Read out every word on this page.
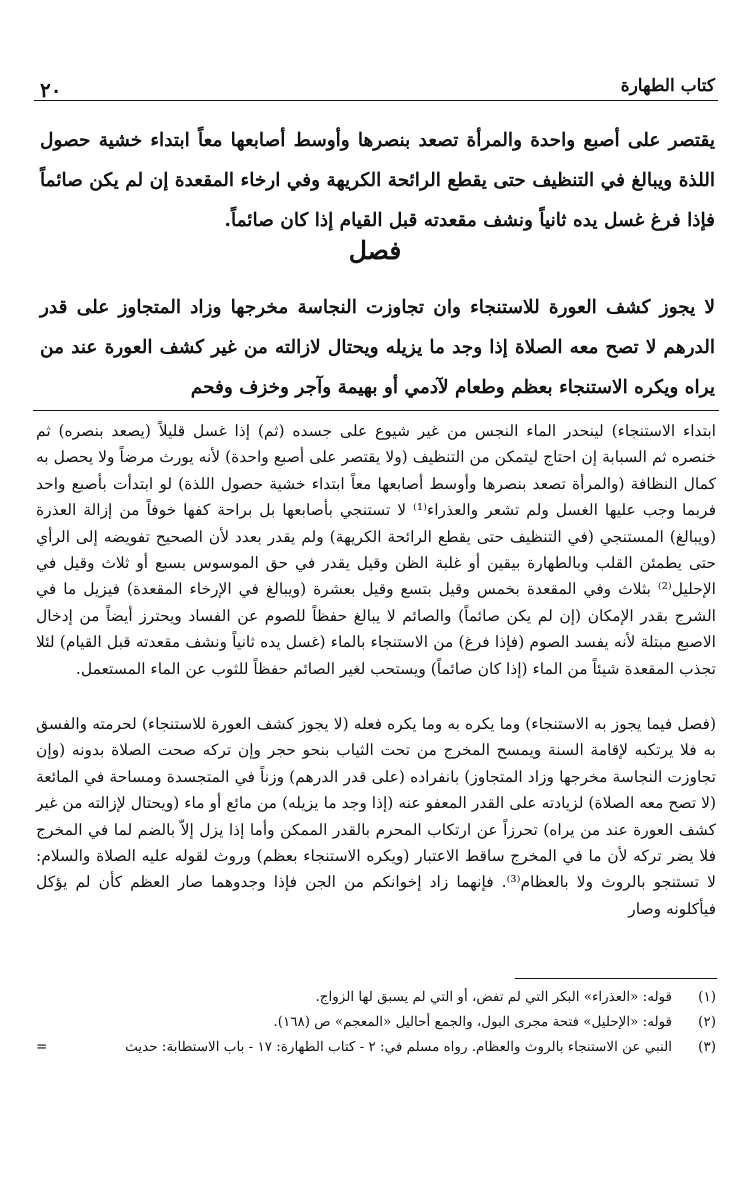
كتاب الطهارة
٢٠
يقتصر على أصبع واحدة والمرأة تصعد بنصرها وأوسط أصابعها معاً ابتداء خشية حصول اللذة ويبالغ في التنظيف حتى يقطع الرائحة الكريهة وفي ارخاء المقعدة إن لم يكن صائماً فإذا فرغ غسل يده ثانياً ونشف مقعدته قبل القيام إذا كان صائماً.
فصل
لا يجوز كشف العورة للاستنجاء وان تجاوزت النجاسة مخرجها وزاد المتجاوز على قدر الدرهم لا تصح معه الصلاة إذا وجد ما يزيله ويحتال لازالته من غير كشف العورة عند من يراه ويكره الاستنجاء بعظم وطعام لآدمي أو بهيمة وآجر وخزف وفحم
ابتداء الاستنجاء) لينحدر الماء النجس من غير شيوع على جسده (ثم) إذا غسل قليلاً (يصعد بنصره) ثم خنصره ثم السبابة إن احتاج ليتمكن من التنظيف (ولا يقتصر على أصبع واحدة) لأنه يورث مرضاً ولا يحصل به كمال النظافة (والمرأة تصعد بنصرها وأوسط أصابعها معاً ابتداء خشية حصول اللذة) لو ابتدأت بأصبع واحد فربما وجب عليها الغسل ولم تشعر والعذراء⁽¹⁾ لا تستنجي بأصابعها بل براحة كفها خوفاً من إزالة العذرة (ويبالغ) المستنجي (في التنظيف حتى يقطع الرائحة الكريهة) ولم يقدر بعدد لأن الصحيح تفويضه إلى الرأي حتى يطمئن القلب وبالطهارة بيقين أو غلبة الظن وقيل يقدر في حق الموسوس بسبع أو ثلاث وقيل في الإحليل⁽²⁾ بثلاث وفي المقعدة بخمس وقيل بتسع وقيل بعشرة (ويبالغ في الإرخاء المقعدة) فيزيل ما في الشرج بقدر الإمكان (إن لم يكن صائماً) والصائم لا يبالغ حفظاً للصوم عن الفساد ويحترز أيضاً من إدخال الاصبع مبتلة لأنه يفسد الصوم (فإذا فرغ) من الاستنجاء بالماء (غسل يده ثانياً ونشف مقعدته قبل القيام) لئلا تجذب المقعدة شيئاً من الماء (إذا كان صائماً) ويستحب لغير الصائم حفظاً للثوب عن الماء المستعمل.
(فصل فيما يجوز به الاستنجاء) وما يكره به وما يكره فعله (لا يجوز كشف العورة للاستنجاء) لحرمته والفسق به فلا يرتكبه لإقامة السنة ويمسح المخرج من تحت الثياب بنحو حجر وإن تركه صحت الصلاة بدونه (وإن تجاوزت النجاسة مخرجها وزاد المتجاوز) بانفراده (على قدر الدرهم) وزناً في المتجسدة ومساحة في المائعة (لا تصح معه الصلاة) لزيادته على القدر المعفو عنه (إذا وجد ما يزيله) من مائع أو ماء (ويحتال لإزالته من غير كشف العورة عند من يراه) تحرزاً عن ارتكاب المحرم بالقدر الممكن وأما إذا يزل إلاّ بالضم لما في المخرج فلا يضر تركه لأن ما في المخرج ساقط الاعتبار (ويكره الاستنجاء بعظم) وروث لقوله عليه الصلاة والسلام: لا تستنجو بالروث ولا بالعظام⁽³⁾. فإنهما زاد إخوانكم من الجن فإذا وجدوهما صار العظم كأن لم يؤكل فيأكلونه وصار
(١)
قوله: «العذراء» البكر التي لم تفض، أو التي لم يسبق لها الزواج.
(٢)
قوله: «الإحليل» فتحة مجرى البول، والجمع أحاليل «المعجم» ص (١٦٨).
(٣)
النبي عن الاستنجاء بالروث والعظام. رواه مسلم في: ٢ - كتاب الطهارة: ١٧ - باب الاستطابة: حديث
=
